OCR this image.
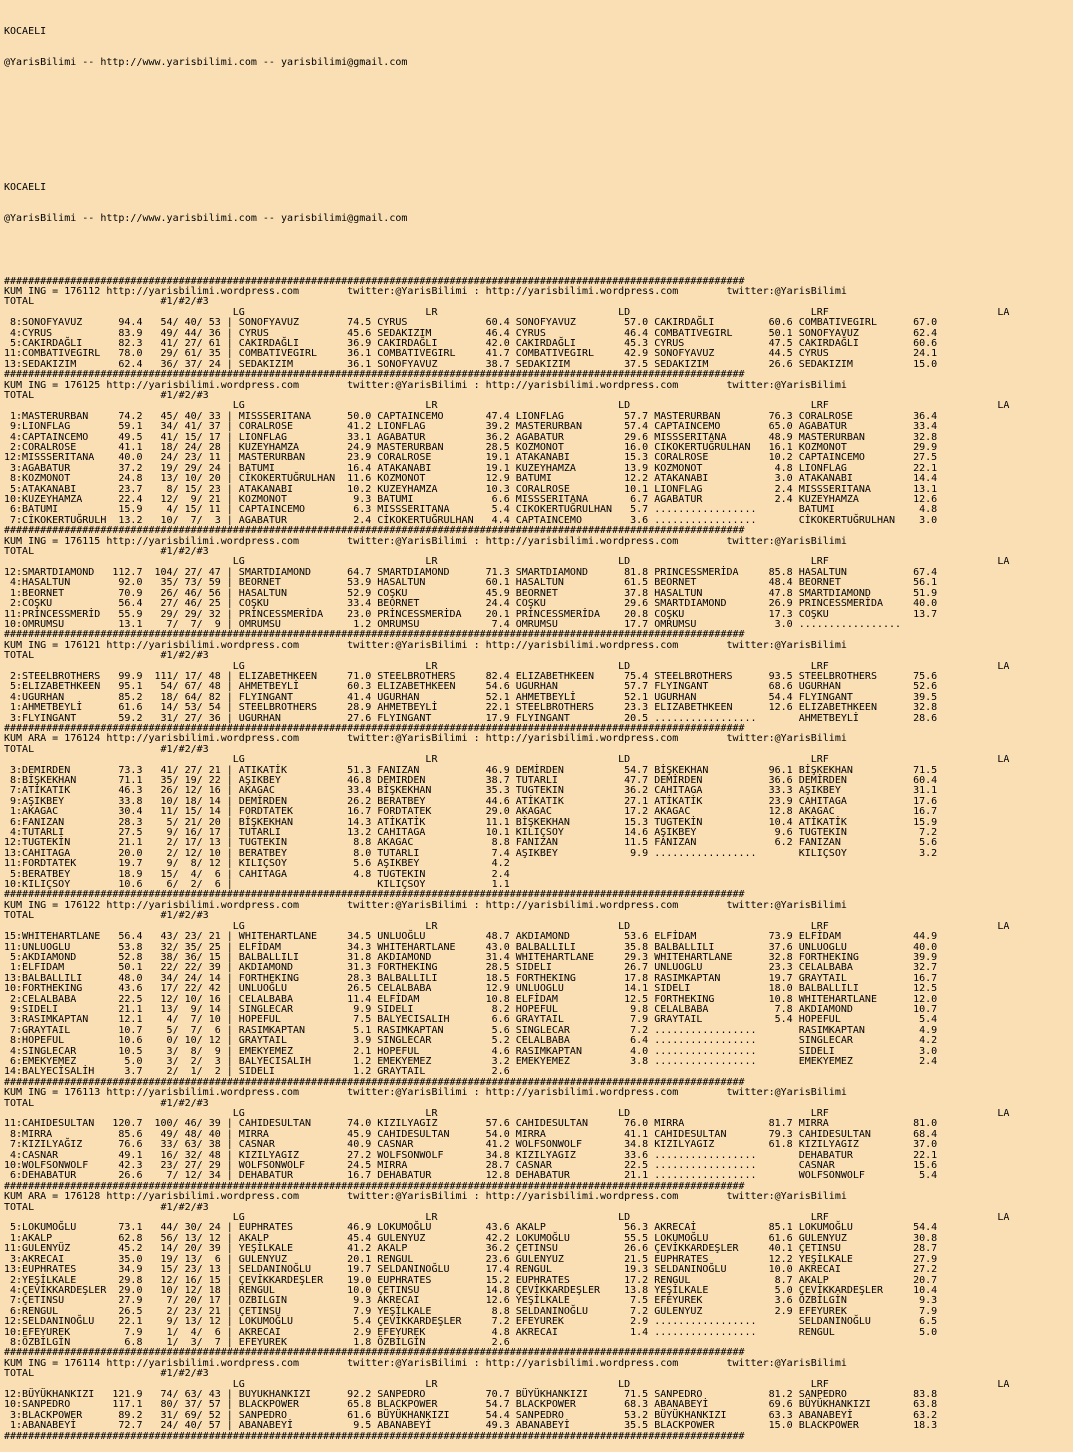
KOCAELI

@YarisBilimi -- http://www.yarisbilimi.com -- yarisbilimi@gmail.com

KOCAELI

@YarisBilimi -- http://www.yarisbilimi.com -- yarisbilimi@gmail.com

###########################################################################################################################
KUM ING = 176112 http://yarisbilimi.wordpress.com        twitter:@YarisBilimi : http://yarisbilimi.wordpress.com        twitter:@YarisBilimi
TOTAL                     #1/#2/#3
LG                              LR                              LD                              LRF                            LA
8:SONOFYAVUZ      94.4   54/ 40/ 53 | SONOFYAVUZ        74.5 CYRUS             60.4 SONOFYAVUZ        57.0 CAKIRDAĞLI         60.6 COMBATIVEGIRL      67.0
4:CYRUS           83.9   49/ 44/ 36 | CYRUS             45.6 SEDAKIZIM         46.4 CYRUS             46.4 COMBATIVEGIRL      50.1 SONOFYAVUZ         62.4
5:CAKIRDAĞLI      82.3   41/ 27/ 61 | CAKIRDAĞLI        36.9 CAKIRDAĞLI        42.0 CAKIRDAĞLI        45.3 CYRUS              47.5 CAKIRDAĞLI         60.6
11:COMBATIVEGIRL   78.0   29/ 61/ 35 | COMBATIVEGIRL     36.1 COMBATIVEGIRL     41.7 COMBATIVEGIRL     42.9 SONOFYAVUZ         44.5 CYRUS              24.1
13:SEDAKIZIM       62.4   36/ 37/ 24 | SEDAKIZIM         36.1 SONOFYAVUZ        38.7 SEDAKIZIM         37.5 SEDAKIZIM          26.6 SEDAKIZIM          15.0
###########################################################################################################################
KUM ING = 176125 http://yarisbilimi.wordpress.com        twitter:@YarisBilimi : http://yarisbilimi.wordpress.com        twitter:@YarisBilimi
TOTAL                     #1/#2/#3
LG                              LR                              LD                              LRF                            LA
1:MASTERURBAN     74.2   45/ 40/ 33 | MISSSERITANA      50.0 CAPTAINCEMO       47.4 LIONFLAG          57.7 MASTERURBAN        76.3 CORALROSE          36.4
9:LIONFLAG        59.1   34/ 41/ 37 | CORALROSE         41.2 LIONFLAG          39.2 MASTERURBAN       57.4 CAPTAINCEMO        65.0 AGABATUR           33.4
4:CAPTAINCEMO     49.5   41/ 15/ 17 | LIONFLAG          33.1 AGABATUR          36.2 AGABATUR          29.6 MISSSERITANA       48.9 MASTERURBAN        32.8
2:CORALROSE       41.1   18/ 24/ 28 | KUZEYHAMZA        24.9 MASTERURBAN       28.5 KOZMONOT          16.0 CIKOKERTUĞRULHAN   16.1 KOZMONOT           29.9
12:MISSSERITANA    40.0   24/ 23/ 11 | MASTERURBAN       23.9 CORALROSE         19.1 ATAKANABI         15.3 CORALROSE          10.2 CAPTAINCEMO        27.5
3:AGABATUR        37.2   19/ 29/ 24 | BATUMI            16.4 ATAKANABI         19.1 KUZEYHAMZA        13.9 KOZMONOT            4.8 LIONFLAG           22.1
8:KOZMONOT        24.8   13/ 10/ 20 | CİKOKERTUĞRULHAN  11.6 KOZMONOT          12.9 BATUMI            12.2 ATAKANABI           3.0 ATAKANABI          14.4
5:ATAKANABI       23.7    8/ 15/ 23 | ATAKANABI         10.2 KUZEYHAMZA        10.3 CORALROSE         10.1 LIONFLAG            2.4 MISSSERITANA       13.1
10:KUZEYHAMZA      22.4   12/  9/ 21 | KOZMONOT           9.3 BATUMI             6.6 MISSSERITANA       6.7 AGABATUR            2.4 KUZEYHAMZA         12.6
6:BATUMI          15.9    4/ 15/ 11 | CAPTAINCEMO        6.3 MISSSERITANA       5.4 CIKOKERTUĞRULHAN   5.7 .................       BATUMI              4.8
7:CİKOKERTUĞRULH  13.2   10/  7/  3 | AGABATUR           2.4 CİKOKERTUĞRULHAN   4.4 CAPTAINCEMO        3.6 .................       CİKOKERTUĞRULHAN    3.0
###########################################################################################################################
KUM ING = 176115 http://yarisbilimi.wordpress.com        twitter:@YarisBilimi : http://yarisbilimi.wordpress.com        twitter:@YarisBilimi
TOTAL                     #1/#2/#3
LG                              LR                              LD                              LRF                            LA
12:SMARTDIAMOND   112.7  104/ 27/ 47 | SMARTDIAMOND      64.7 SMARTDIAMOND      71.3 SMARTDIAMOND      81.8 PRINCESSMERİDA     85.8 HASALTUN           67.4
4:HASALTUN        92.0   35/ 73/ 59 | BEORNET           53.9 HASALTUN          60.1 HASALTUN          61.5 BEORNET            48.4 BEORNET            56.1
1:BEORNET         70.9   26/ 46/ 56 | HASALTUN          52.9 COŞKU             45.9 BEORNET           37.8 HASALTUN           47.8 SMARTDIAMOND       51.9
2:COŞKU           56.4   27/ 46/ 25 | COŞKU             33.4 BEORNET           24.4 COŞKU             29.6 SMARTDIAMOND       26.9 PRINCESSMERİDA     40.0
11:PRİNCESSMERİD   55.9   29/ 29/ 32 | PRİNCESSMERİDA    23.0 PRİNCESSMERİDA    20.1 PRİNCESSMERİDA    20.8 COŞKU              17.3 COŞKU              13.7
10:OMRUMSU         13.1    7/  7/  9 | OMRUMSU            1.2 OMRUMSU            7.4 OMRUMSU           17.7 OMRUMSU             3.0 .................
###########################################################################################################################
KUM ING = 176121 http://yarisbilimi.wordpress.com        twitter:@YarisBilimi : http://yarisbilimi.wordpress.com        twitter:@YarisBilimi
TOTAL                     #1/#2/#3
LG                              LR                              LD                              LRF                            LA
2:STEELBROTHERS   99.9  111/ 17/ 48 | ELIZABETHKEEN     71.0 STEELBROTHERS     82.4 ELIZABETHKEEN     75.4 STEELBROTHERS      93.5 STEELBROTHERS      75.6
5:ELIZABETHKEEN   95.1   54/ 67/ 48 | AHMETBEYLİ        60.3 ELIZABETHKEEN     54.6 UGURHAN           57.7 FLYINGANT          68.6 UGURHAN            52.6
4:UGURHAN         85.2   18/ 64/ 82 | FLYINGANT         41.4 UGURHAN           52.1 AHMETBEYLİ        52.1 UGURHAN            54.4 FLYINGANT          39.5
1:AHMETBEYLİ      61.6   14/ 53/ 54 | STEELBROTHERS     28.9 AHMETBEYLİ        22.1 STEELBROTHERS     23.3 ELIZABETHKEEN      12.6 ELIZABETHKEEN      32.8
3:FLYINGANT       59.2   31/ 27/ 36 | UGURHAN           27.6 FLYINGANT         17.9 FLYINGANT         20.5 .................       AHMETBEYLİ         28.6
###########################################################################################################################
KUM ARA = 176124 http://yarisbilimi.wordpress.com        twitter:@YarisBilimi : http://yarisbilimi.wordpress.com        twitter:@YarisBilimi
TOTAL                     #1/#2/#3
LG                              LR                              LD                              LRF                            LA
3:DEMIRDEN        73.3   41/ 27/ 21 | ATIKATİK          51.3 FANIZAN           46.9 DEMİRDEN          54.7 BİŞKEKHAN          96.1 BİŞKEKHAN          71.5
8:BİŞKEKHAN       71.1   35/ 19/ 22 | AŞIKBEY           46.8 DEMIRDEN          38.7 TUTARLI           47.7 DEMİRDEN           36.6 DEMİRDEN           60.4
7:ATİKATIK        46.3   26/ 12/ 16 | AKAGAC            33.4 BİŞKEKHAN         35.3 TUGTEKIN          36.2 CAHITAGA           33.3 AŞIKBEY            31.1
9:AŞIKBEY         33.8   10/ 18/ 14 | DEMİRDEN          26.2 BERATBEY          44.6 ATİKATIK          27.1 ATİKATİK           23.9 CAHITAGA           17.6
1:AKAGAC          30.4   11/ 15/ 14 | FORDTATEK         16.7 FORDTATEK         29.0 AKAGAC            17.2 AKAGAC             12.8 AKAGAC             16.7
6:FANIZAN         28.3    5/ 21/ 20 | BİŞKEKHAN         14.3 ATİKATİK          11.1 BİŞKEKHAN         15.3 TUGTEKİN           10.4 ATİKATİK           15.9
4:TUTARLI         27.5    9/ 16/ 17 | TUTARLI           13.2 CAHITAGA          10.1 KILIÇSOY          14.6 AŞIKBEY             9.6 TUGTEKIN            7.2
12:TUGTEKİN        21.1    2/ 17/ 13 | TUGTEKIN           8.8 AKAGAC             8.8 FANIZAN           11.5 FANIZAN             6.2 FANIZAN             5.6
13:CAHITAGA        20.0    2/ 12/ 10 | BERATBEY           8.0 TUTARLI            7.4 AŞIKBEY            9.9 .................       KILIÇSOY            3.2
11:FORDTATEK       19.7    9/  8/ 12 | KILIÇSOY           5.6 AŞIKBEY            4.2
5:BERATBEY        18.9   15/  4/  6 | CAHITAGA           4.8 TUGTEKIN           2.4
10:KILIÇSOY        10.6    6/  2/  6 |                        KILIÇSOY           1.1
###########################################################################################################################
KUM ING = 176122 http://yarisbilimi.wordpress.com        twitter:@YarisBilimi : http://yarisbilimi.wordpress.com        twitter:@YarisBilimi
TOTAL                     #1/#2/#3
LG                              LR                              LD                              LRF                            LA
15:WHITEHARTLANE   56.4   43/ 23/ 21 | WHITEHARTLANE     34.5 UNLUOĞLU          48.7 AKDIAMOND         53.6 ELFİDAM            73.9 ELFİDAM            44.9
11:UNLUOGLU        53.8   32/ 35/ 25 | ELFİDAM           34.3 WHITEHARTLANE     43.0 BALBALLILI        35.8 BALBALLILI         37.6 UNLUOGLU           40.0
5:AKDIAMOND       52.8   38/ 36/ 15 | BALBALLILI        31.8 AKDIAMOND         31.4 WHITEHARTLANE     29.3 WHITEHARTLANE      32.8 FORTHEKING         39.9
1:ELFIDAM         50.1   22/ 22/ 39 | AKDIAMOND         31.3 FORTHEKING        28.5 SIDELI            26.7 UNLUOGLU           23.3 CELALBABA          32.7
13:BALBALLILI      48.0   34/ 24/ 14 | FORTHEKING        28.3 BALBALLILI        18.5 FORTHEKING        17.8 RASIMKAPTAN        19.7 GRAYTAIL           16.7
10:FORTHEKING      43.6   17/ 22/ 42 | UNLUOĞLU          26.5 CELALBABA         12.9 UNLUOGLU          14.1 SIDELI             18.0 BALBALLILI         12.5
2:CELALBABA       22.5   12/ 10/ 16 | CELALBABA         11.4 ELFİDAM           10.8 ELFİDAM           12.5 FORTHEKING         10.8 WHITEHARTLANE      12.0
9:SIDELI          21.1   13/  9/ 14 | SINGLECAR          9.9 SIDELI             8.2 HOPEFUL            9.8 CELALBABA           7.8 AKDIAMOND          10.7
3:RASIMKAPTAN     12.1    4/  7/ 10 | HOPEFUL            7.5 BALYECISALIH       6.6 GRAYTAIL           7.9 GRAYTAIL            5.4 HOPEFUL             5.4
7:GRAYTAIL        10.7    5/  7/  6 | RASIMKAPTAN        5.1 RASIMKAPTAN        5.6 SINGLECAR          7.2 .................       RASIMKAPTAN         4.9
8:HOPEFUL         10.6    0/ 10/ 12 | GRAYTAIL           3.9 SINGLECAR          5.2 CELALBABA          6.4 .................       SINGLECAR           4.2
4:SINGLECAR       10.5    3/  8/  9 | EMEKYEMEZ          2.1 HOPEFUL            4.6 RASIMKAPTAN        4.0 .................       SIDELI              3.0
6:EMEKYEMEZ        5.0    3/  2/  3 | BALYECISALIH       1.2 EMEKYEMEZ          3.2 EMEKYEMEZ          3.8 .................       EMEKYEMEZ           2.4
14:BALYECİSALİH     3.7    2/  1/  2 | SIDELI             1.2 GRAYTAIL           2.6
###########################################################################################################################
KUM ING = 176113 http://yarisbilimi.wordpress.com        twitter:@YarisBilimi : http://yarisbilimi.wordpress.com        twitter:@YarisBilimi
TOTAL                     #1/#2/#3
LG                              LR                              LD                              LRF                            LA
11:CAHIDESULTAN   120.7  100/ 46/ 39 | CAHIDESULTAN      74.0 KIZILYAGIZ        57.6 CAHIDESULTAN      76.0 MIRRA              81.7 MIRRA              81.0
8:MIRRA           85.6   49/ 48/ 40 | MIRRA             45.9 CAHIDESULTAN      54.0 MIRRA             41.1 CAHIDESULTAN       79.3 CAHIDESULTAN       68.4
7:KIZILYAĞIZ      76.6   33/ 63/ 38 | CASNAR            40.9 CASNAR            41.2 WOLFSONWOLF       34.8 KIZILYAGIZ         61.8 KIZILYAGIZ         37.0
4:CASNAR          49.1   16/ 32/ 48 | KIZILYAGIZ        27.2 WOLFSONWOLF       34.8 KIZILYAGIZ        33.6 .................       DEHABATUR          22.1
10:WOLFSONWOLF     42.3   23/ 27/ 29 | WOLFSONWOLF       24.5 MIRRA             28.7 CASNAR            22.5 .................       CASNAR             15.6
6:DEHABATUR       26.6    7/ 12/ 34 | DEHABATUR         16.7 DEHABATUR         12.8 DEHABATUR         21.1 .................       WOLFSONWOLF         5.4
###########################################################################################################################
KUM ARA = 176128 http://yarisbilimi.wordpress.com        twitter:@YarisBilimi : http://yarisbilimi.wordpress.com        twitter:@YarisBilimi
TOTAL                     #1/#2/#3
LG                              LR                              LD                              LRF                            LA
5:LOKUMOĞLU       73.1   44/ 30/ 24 | EUPHRATES         46.9 LOKUMOĞLU         43.6 AKALP             56.3 AKRECAİ            85.1 LOKUMOĞLU          54.4
1:AKALP           62.8   56/ 13/ 12 | AKALP             45.4 GULENYUZ          42.2 LOKUMOĞLU         55.5 LOKUMOĞLU          61.6 GULENYUZ           30.8
11:GULENYÜZ        45.2   14/ 20/ 39 | YEŞİLKALE         41.2 AKALP             36.2 ÇETINSU           26.6 ÇEVİKKARDEŞLER     40.1 ÇETINSU            28.7
3:AKRECAI         35.0   19/ 13/  6 | GULENYUZ          20.1 RENGUL            23.6 GULENYUZ          21.5 EUPHRATES          12.2 YEŞİLKALE          27.9
13:EUPHRATES       34.9   15/ 23/ 13 | SELDANINOĞLU      19.7 SELDANINOĞLU      17.4 RENGUL            19.3 SELDANINOĞLU       10.0 AKRECAI            27.2
2:YEŞİLKALE       29.8   12/ 16/ 15 | ÇEVİKKARDEŞLER    19.0 EUPHRATES         15.2 EUPHRATES         17.2 RENGUL              8.7 AKALP              20.7
4:ÇEVİKKARDEŞLER  29.0   10/ 12/ 18 | RENGUL            10.0 ÇETINSU           14.8 ÇEVİKKARDEŞLER    13.8 YEŞİLKALE           5.0 ÇEVİKKARDEŞLER     10.4
7:ÇETINSU         27.9    7/ 20/ 17 | OZBILGIN           9.3 AKRECAI           12.6 YEŞİLKALE          7.5 EFEYUREK            3.6 ÖZBİLGİN            9.3
6:RENGUL          26.5    2/ 23/ 21 | ÇETINSU            7.9 YEŞİLKALE          8.8 SELDANINOĞLU       7.2 GULENYUZ            2.9 EFEYUREK            7.9
12:SELDANINOĞLU    22.1    9/ 13/ 12 | LOKUMOĞLU          5.4 ÇEVİKKARDEŞLER     7.2 EFEYUREK           2.9 .................       SELDANINOĞLU        6.5
10:EFEYUREK         7.9    1/  4/  6 | AKRECAI            2.9 EFEYUREK           4.8 AKRECAI            1.4 .................       RENGUL              5.0
8:ÖZBİLGİN         6.8    1/  3/  7 | EFEYUREK           1.8 ÖZBİLGİN           2.6
###########################################################################################################################
KUM ING = 176114 http://yarisbilimi.wordpress.com        twitter:@YarisBilimi : http://yarisbilimi.wordpress.com        twitter:@YarisBilimi
TOTAL                     #1/#2/#3
LG                              LR                              LD                              LRF                            LA
12:BÜYÜKHANKIZI   121.9   74/ 63/ 43 | BUYUKHANKIZI      92.2 SANPEDRO          70.7 BÜYÜKHANKIZI      71.5 SANPEDRO           81.2 SANPEDRO           83.8
10:SANPEDRO       117.1   80/ 37/ 57 | BLACKPOWER        65.8 BLACKPOWER        54.7 BLACKPOWER        68.3 ABANABEYİ          69.6 BÜYÜKHANKIZI       63.8
3:BLACKPOWER      89.2   31/ 69/ 52 | SANPEDRO          61.6 BÜYÜKHANKIZI      54.4 SANPEDRO          53.2 BÜYÜKHANKIZI       63.3 ABANABEYİ          63.2
1:ABANABEYİ       72.7   24/ 40/ 57 | ABANABEYİ          9.5 ABANABEYİ         49.3 ABANABEYİ         35.5 BLACKPOWER         15.0 BLACKPOWER         18.3
###########################################################################################################################
